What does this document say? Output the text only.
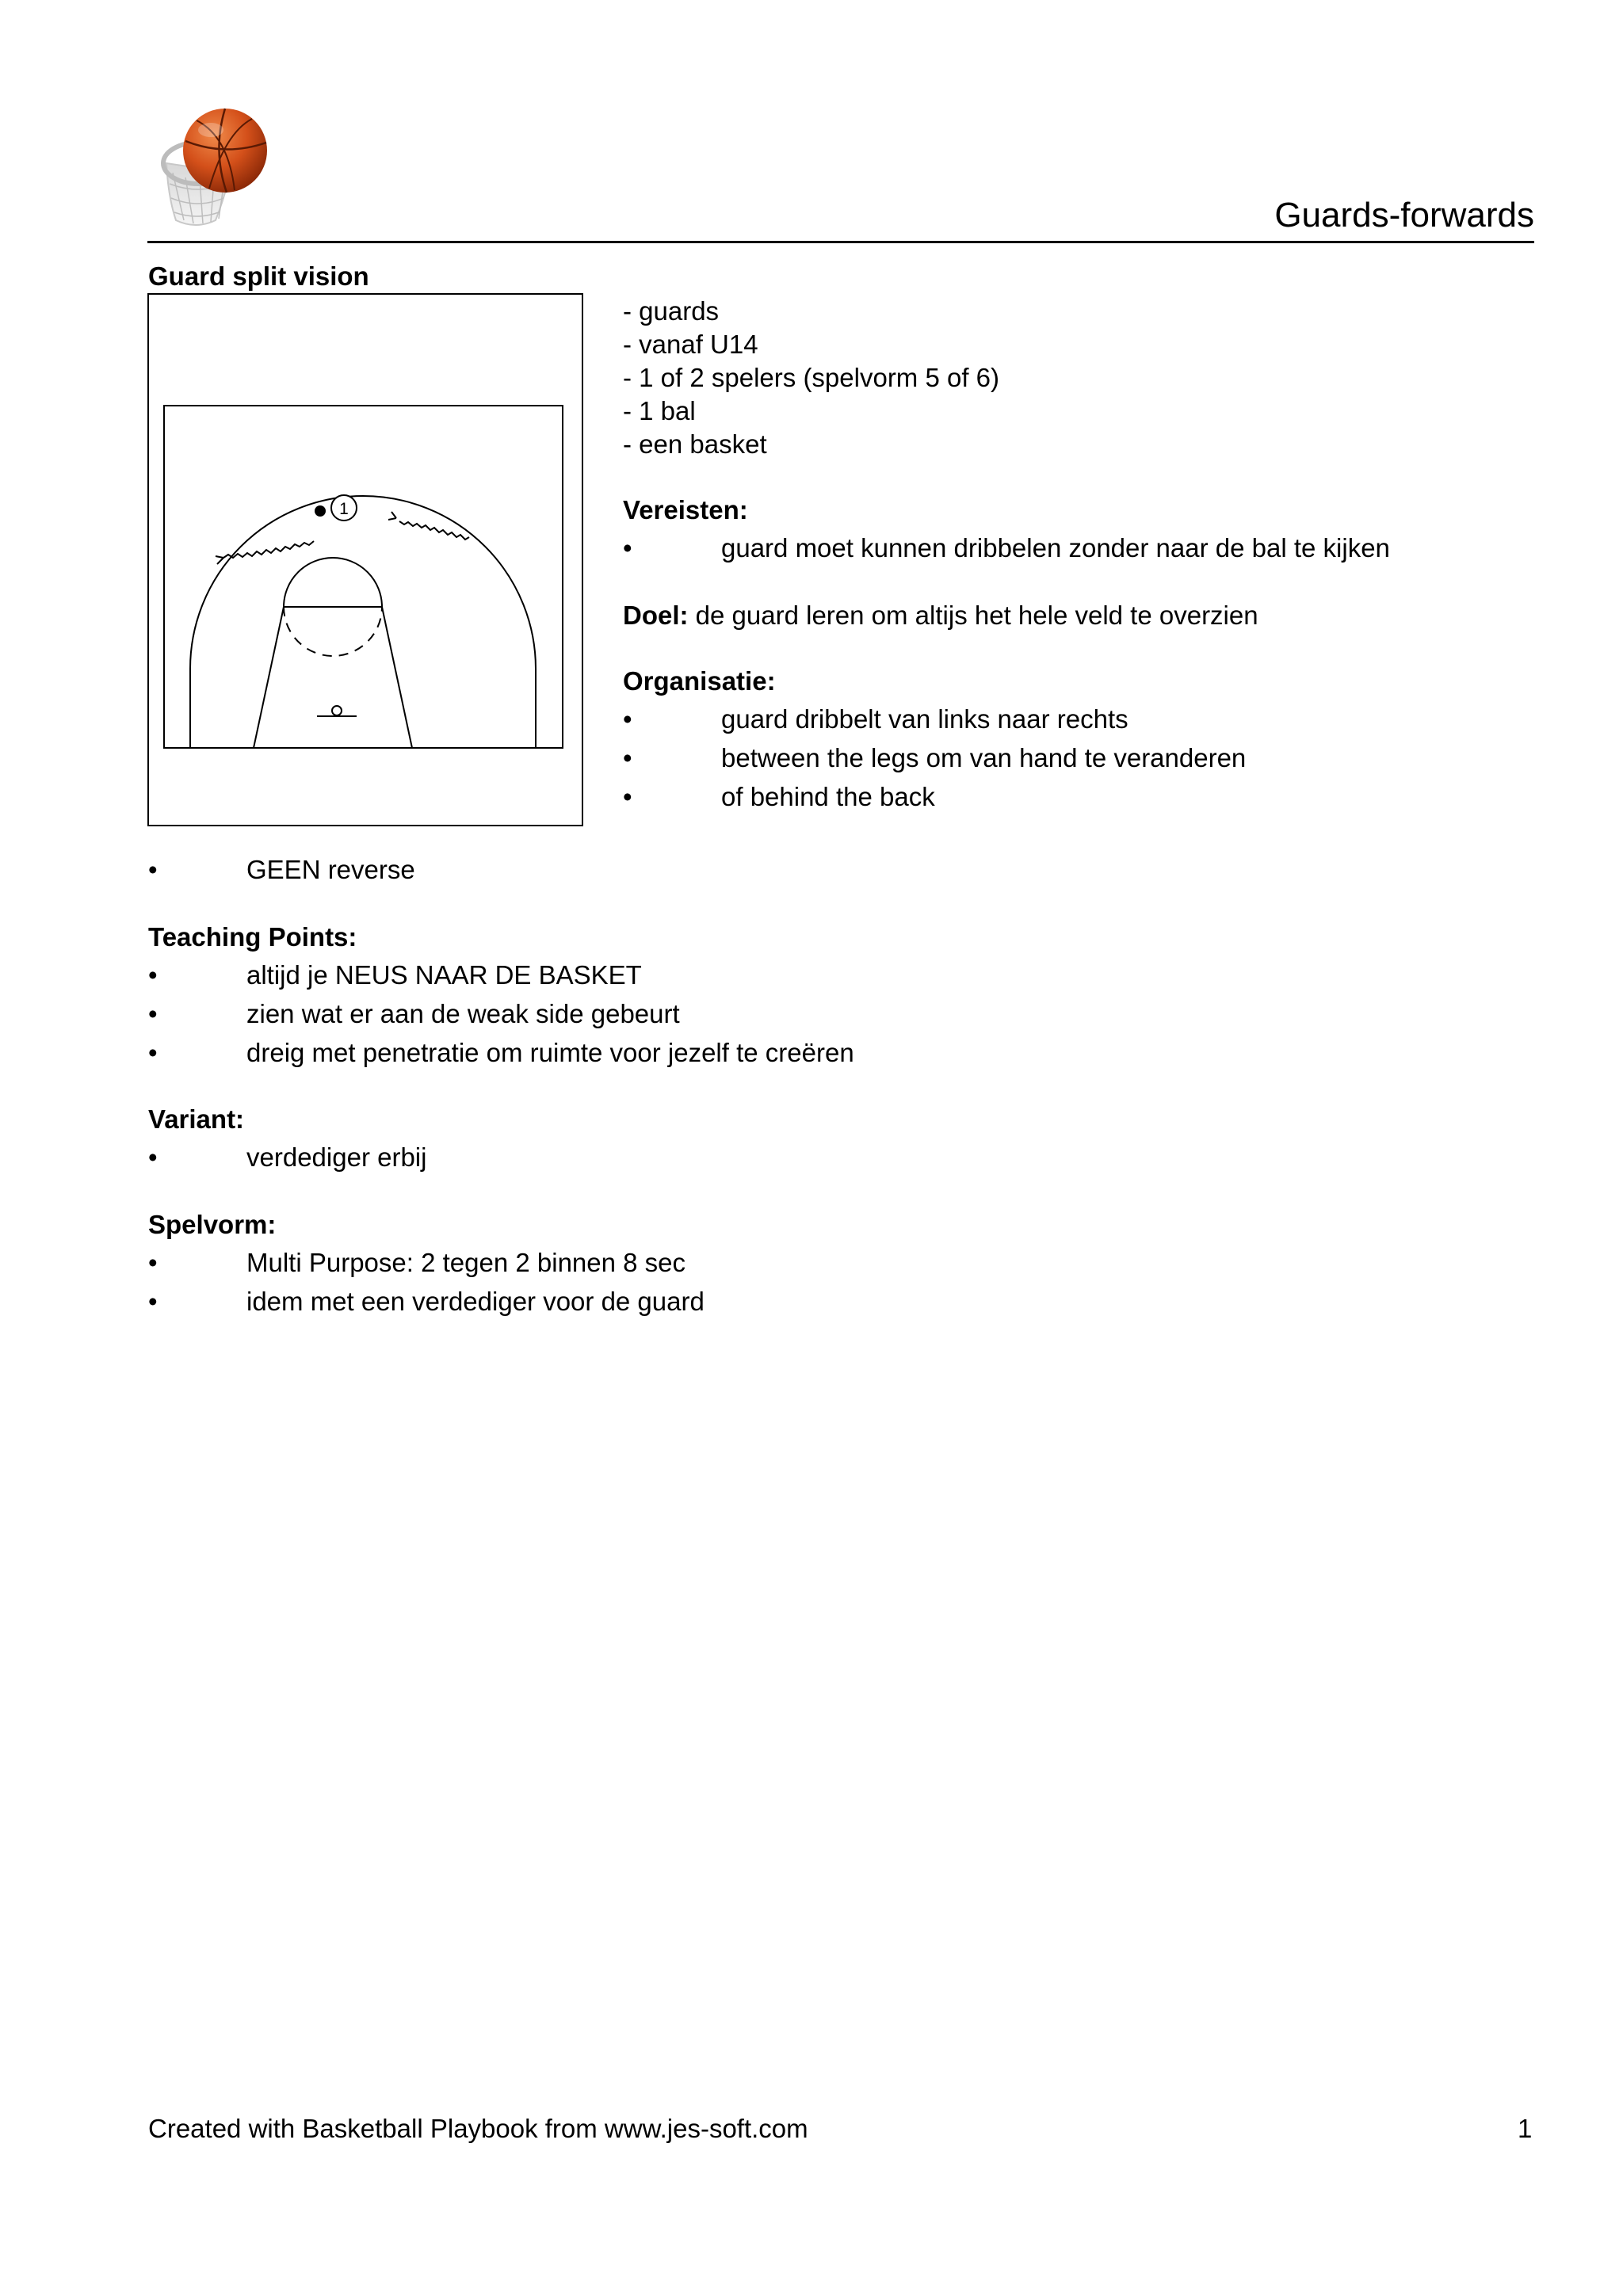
Guards-forwards
Guard split vision
1
- guards
- vanaf U14
- 1 of 2 spelers (spelvorm 5 of 6)
- 1 bal
- een basket
Vereisten:
•	guard moet kunnen dribbelen zonder naar de bal te kijken
Doel: de guard leren om altijs het hele veld te overzien
Organisatie:
•	guard dribbelt van links naar rechts
•	between the legs om van hand te veranderen
•	of behind the back
•	GEEN reverse
Teaching Points:
•	altijd je NEUS NAAR DE BASKET
•	zien wat er aan de weak side gebeurt
•	dreig met penetratie om ruimte voor jezelf te creëren
Variant:
•	verdediger erbij
Spelvorm:
•	Multi Purpose: 2 tegen 2 binnen 8 sec
•	idem met een verdediger voor de guard
Created with Basketball Playbook from www.jes-soft.com	1
